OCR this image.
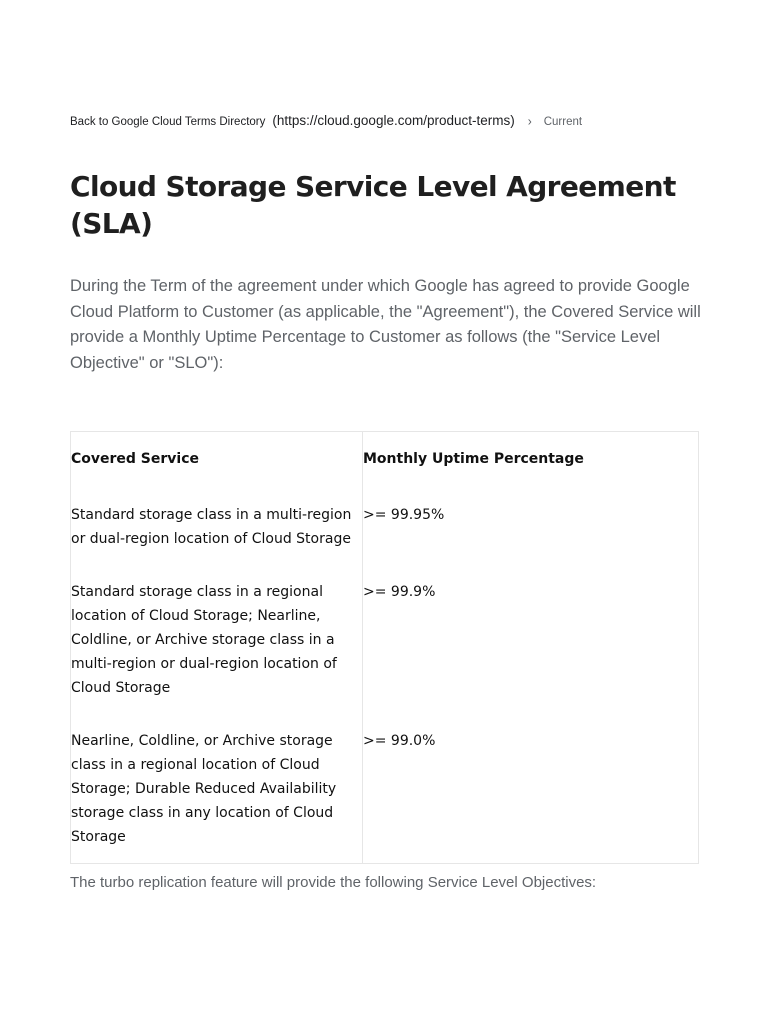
Back to Google Cloud Terms Directory (https://cloud.google.com/product-terms) › Current
Cloud Storage Service Level Agreement (SLA)

During the Term of the agreement under which Google has agreed to provide Google Cloud Platform to Customer (as applicable, the "Agreement"), the Covered Service will provide a Monthly Uptime Percentage to Customer as follows (the "Service Level Objective" or "SLO"):

Covered Service	Monthly Uptime Percentage
Standard storage class in a multi-region or dual-region location of Cloud Storage	>= 99.95%
Standard storage class in a regional location of Cloud Storage; Nearline, Coldline, or Archive storage class in a multi-region or dual-region location of Cloud Storage	>= 99.9%
Nearline, Coldline, or Archive storage class in a regional location of Cloud Storage; Durable Reduced Availability storage class in any location of Cloud Storage	>= 99.0%

The turbo replication feature will provide the following Service Level Objectives:
